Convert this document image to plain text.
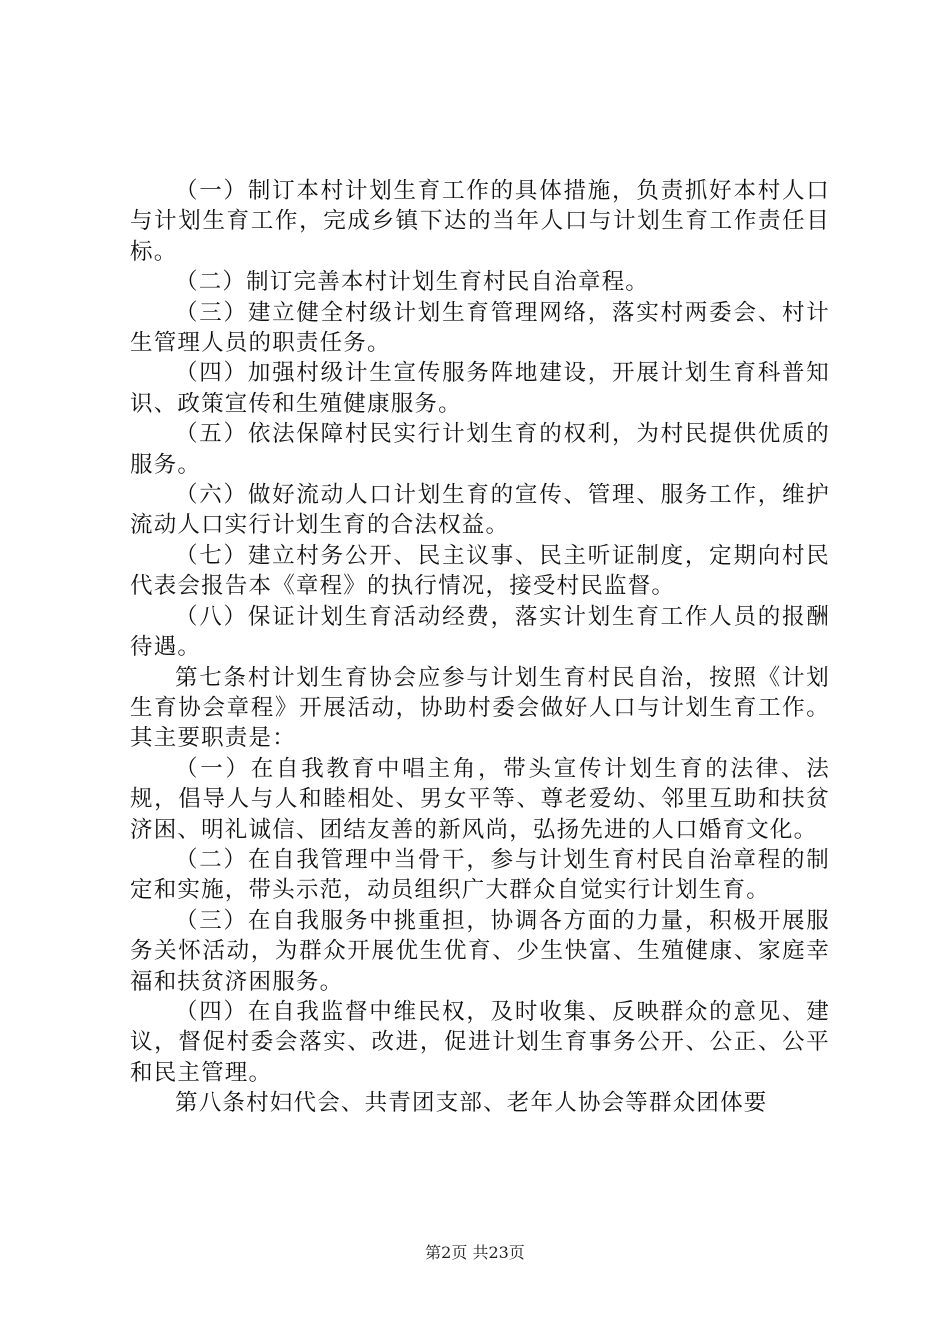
（一）制订本村计划生育工作的具体措施，负责抓好本村人口与计划生育工作，完成乡镇下达的当年人口与计划生育工作责任目标。

（二）制订完善本村计划生育村民自治章程。

（三）建立健全村级计划生育管理网络，落实村两委会、村计生管理人员的职责任务。

（四）加强村级计生宣传服务阵地建设，开展计划生育科普知识、政策宣传和生殖健康服务。

（五）依法保障村民实行计划生育的权利，为村民提供优质的服务。

（六）做好流动人口计划生育的宣传、管理、服务工作，维护流动人口实行计划生育的合法权益。

（七）建立村务公开、民主议事、民主听证制度，定期向村民代表会报告本《章程》的执行情况，接受村民监督。

（八）保证计划生育活动经费，落实计划生育工作人员的报酬待遇。

第七条村计划生育协会应参与计划生育村民自治，按照《计划生育协会章程》开展活动，协助村委会做好人口与计划生育工作。其主要职责是：

（一）在自我教育中唱主角，带头宣传计划生育的法律、法规，倡导人与人和睦相处、男女平等、尊老爱幼、邻里互助和扶贫济困、明礼诚信、团结友善的新风尚，弘扬先进的人口婚育文化。

（二）在自我管理中当骨干，参与计划生育村民自治章程的制定和实施，带头示范，动员组织广大群众自觉实行计划生育。

（三）在自我服务中挑重担，协调各方面的力量，积极开展服务关怀活动，为群众开展优生优育、少生快富、生殖健康、家庭幸福和扶贫济困服务。

（四）在自我监督中维民权，及时收集、反映群众的意见、建议，督促村委会落实、改进，促进计划生育事务公开、公正、公平和民主管理。

第八条村妇代会、共青团支部、老年人协会等群众团体要

第2页 共23页
